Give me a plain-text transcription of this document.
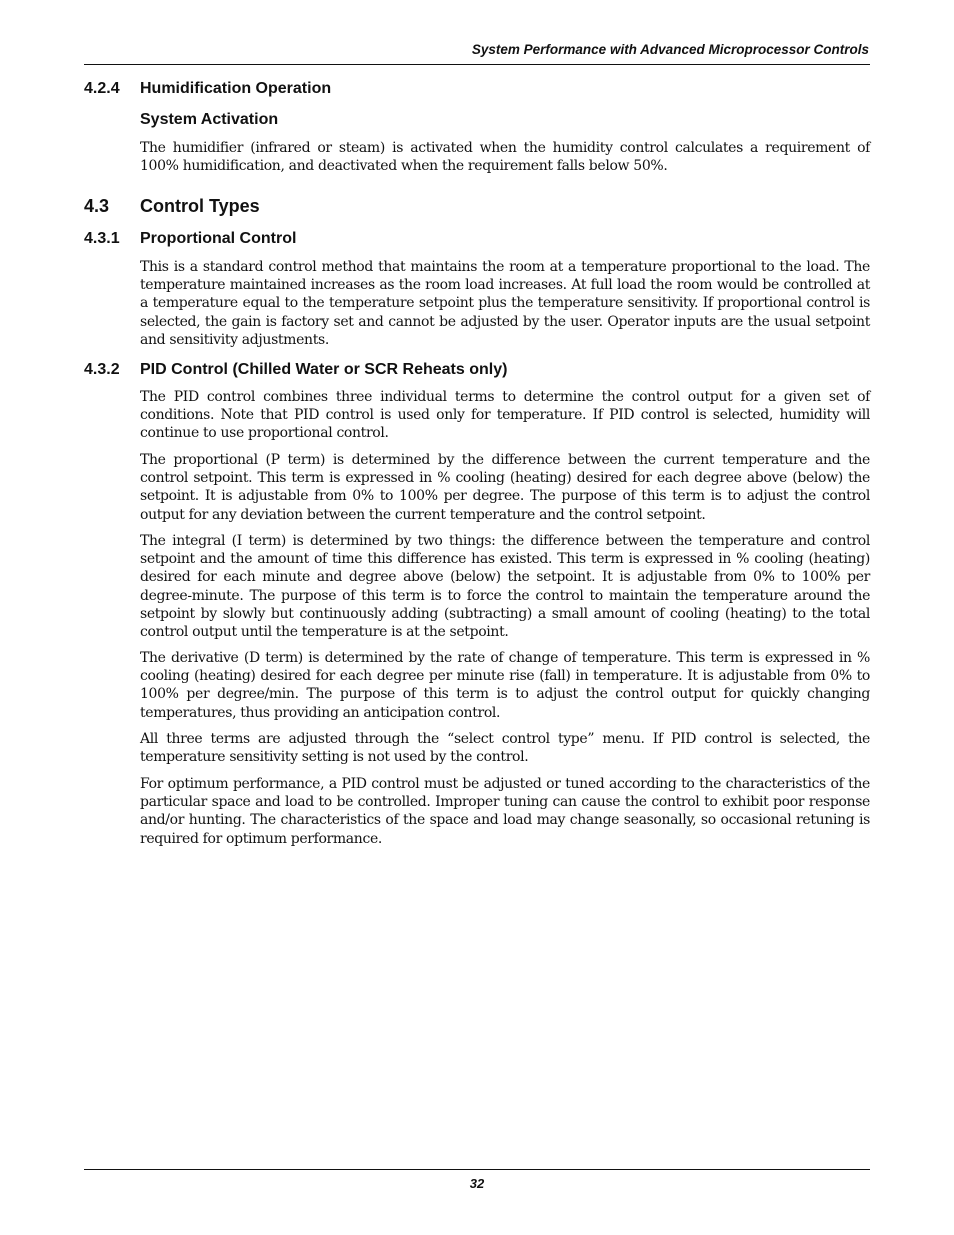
System Performance with Advanced Microprocessor Controls
4.2.4 Humidification Operation
System Activation

The humidifier (infrared or steam) is activated when the humidity control calculates a requirement of 100% humidification, and deactivated when the requirement falls below 50%.

4.3 Control Types
4.3.1 Proportional Control

This is a standard control method that maintains the room at a temperature proportional to the load. The temperature maintained increases as the room load increases. At full load the room would be controlled at a temperature equal to the temperature setpoint plus the temperature sensitivity. If proportional control is selected, the gain is factory set and cannot be adjusted by the user. Operator inputs are the usual setpoint and sensitivity adjustments.

4.3.2 PID Control (Chilled Water or SCR Reheats only)

The PID control combines three individual terms to determine the control output for a given set of conditions. Note that PID control is used only for temperature. If PID control is selected, humidity will continue to use proportional control.

The proportional (P term) is determined by the difference between the current temperature and the control setpoint. This term is expressed in % cooling (heating) desired for each degree above (below) the setpoint. It is adjustable from 0% to 100% per degree. The purpose of this term is to adjust the control output for any deviation between the current temperature and the control setpoint.

The integral (I term) is determined by two things: the difference between the temperature and control setpoint and the amount of time this difference has existed. This term is expressed in % cooling (heating) desired for each minute and degree above (below) the setpoint. It is adjustable from 0% to 100% per degree-minute. The purpose of this term is to force the control to maintain the temperature around the setpoint by slowly but continuously adding (subtracting) a small amount of cooling (heating) to the total control output until the temperature is at the setpoint.

The derivative (D term) is determined by the rate of change of temperature. This term is expressed in % cooling (heating) desired for each degree per minute rise (fall) in temperature. It is adjustable from 0% to 100% per degree/min. The purpose of this term is to adjust the control output for quickly changing temperatures, thus providing an anticipation control.

All three terms are adjusted through the “select control type” menu. If PID control is selected, the temperature sensitivity setting is not used by the control.

For optimum performance, a PID control must be adjusted or tuned according to the characteristics of the particular space and load to be controlled. Improper tuning can cause the control to exhibit poor response and/or hunting. The characteristics of the space and load may change seasonally, so occasional retuning is required for optimum performance.

32
